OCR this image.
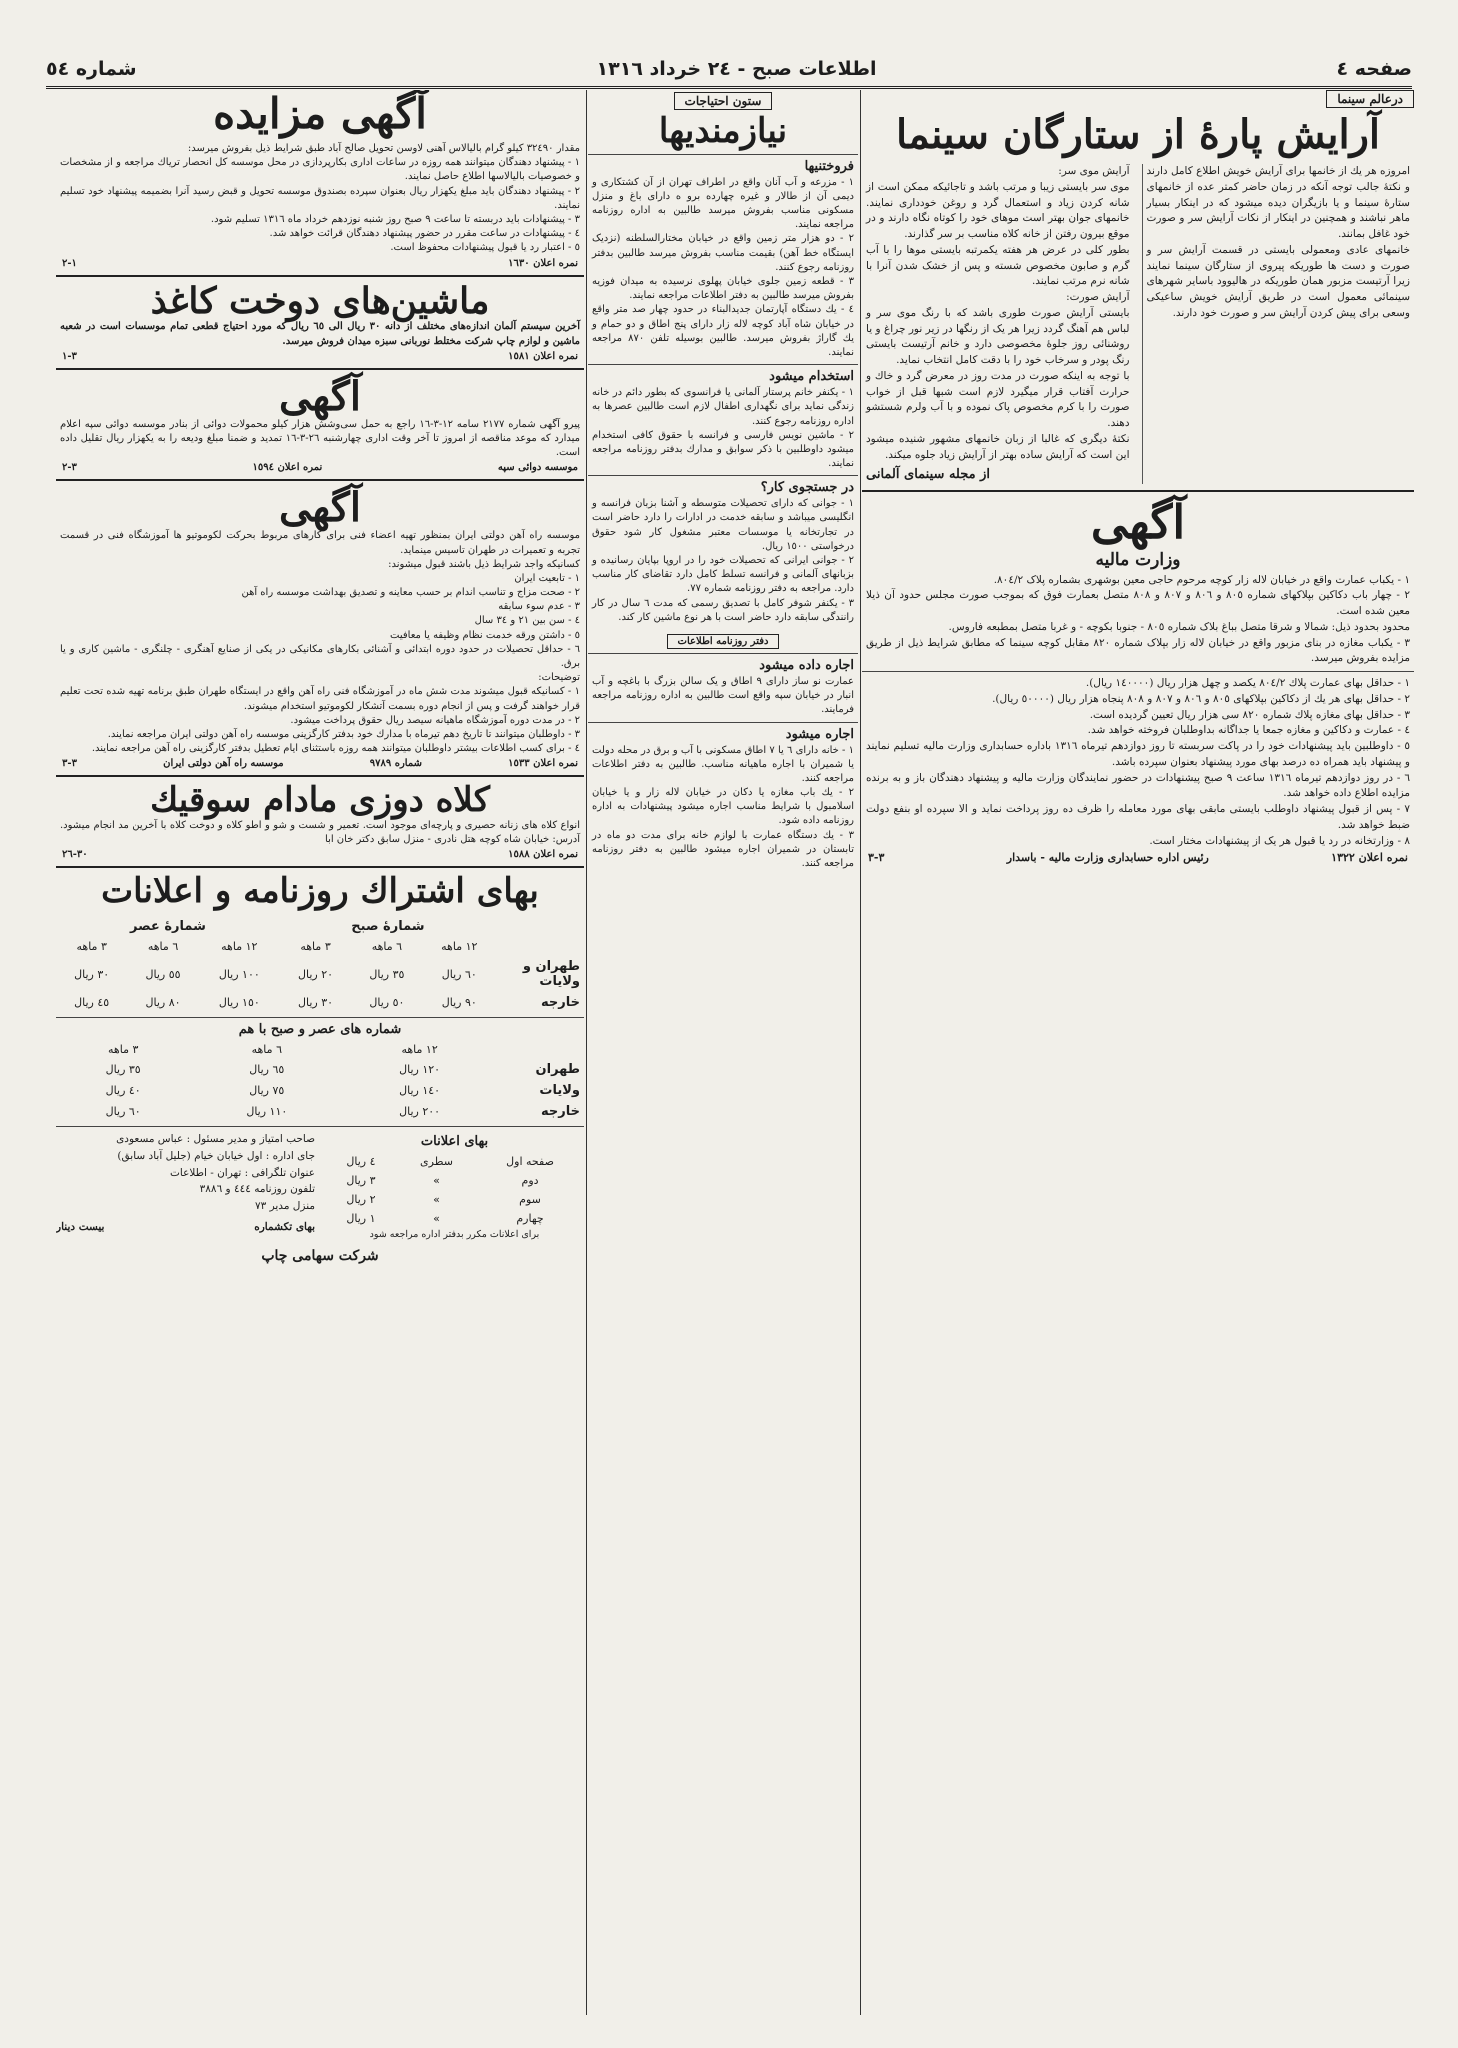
صفحه ٤
اطلاعات صبح - ٢٤ خرداد ١٣١٦
شماره ٥٤
درعالم سینما
آرایش پارهٔ از ستارگان سینما
امروزه هر یك از خانمها برای آرایش خویش اطلاع کامل دارند و نکتهٔ جالب توجه آنکه در زمان حاضر کمتر عده از خانمهای ستارهٔ سینما و یا بازیگران دیده میشود که در اینکار بسیار ماهر نباشند و همچنین در اینکار از نکات آرایش سر و صورت خود غافل بمانند.
خانمهای عادی ومعمولی بایستی در قسمت آرایش سر و صورت و دست ها طوریکه پیروی از ستارگان سینما نمایند زیرا آرتیست مزبور همان طوریکه در هالیوود باسایر شهرهای سینمائی معمول است در طریق آرایش خویش ساعیکی وسعی برای پیش کردن آرایش سر و صورت خود دارند.
آرایش موی سر:
موی سر بایستی زیبا و مرتب باشد و تاجائیکه ممکن است از شانه کردن زیاد و استعمال گرد و روغن خودداری نمایند. خانمهای جوان بهتر است موهای خود را کوتاه نگاه دارند و در موقع بیرون رفتن از خانه کلاه مناسب بر سر گذارند.
بطور کلی در عرض هر هفته یکمرتبه بایستی موها را با آب گرم و صابون مخصوص شسته و پس از خشک شدن آنرا با شانه نرم مرتب نمایند.
آرایش صورت:
بایستی آرایش صورت طوری باشد که با رنگ موی سر و لباس هم آهنگ گردد زیرا هر یک از رنگها در زیر نور چراغ و یا روشنائی روز جلوهٔ مخصوصی دارد و خانم آرتیست بایستی رنگ پودر و سرخاب خود را با دقت کامل انتخاب نماید.
با توجه به اینکه صورت در مدت روز در معرض گرد و خاك و حرارت آفتاب قرار میگیرد لازم است شبها قبل از خواب صورت را با کرم مخصوص پاک نموده و با آب ولرم شستشو دهند.
نکتهٔ دیگری که غالبا از زبان خانمهای مشهور شنیده میشود این است که آرایش ساده بهتر از آرایش زیاد جلوه میکند.
از مجله سینمای آلمانی
آگهی
وزارت مالیه
١ - یکباب عمارت واقع در خیابان لاله زار کوچه مرحوم حاجی معین بوشهری بشماره پلاک ٨٠٤/٢.
٢ - چهار باب دکاکین بپلاکهای شماره ٨٠٥ و ٨٠٦ و ٨٠٧ و ٨٠٨ متصل بعمارت فوق که بموجب صورت مجلس حدود آن ذیلا معین شده است.
محدود بحدود ذیل: شمالا و شرقا متصل بباغ بلاک شماره ٨٠٥ - جنوبا بکوچه - و غربا متصل بمطبعه فاروس.
٣ - یکباب مغازه در بنای مزبور واقع در خیابان لاله زار بپلاک شماره ٨٢٠ مقابل کوچه سینما که مطابق شرایط ذیل از طریق مزایده بفروش میرسد.
١ - حداقل بهای عمارت پلاك ٨٠٤/٢ یکصد و چهل هزار ریال (١٤٠٠٠٠ ریال).
٢ - حداقل بهای هر یك از دکاکین بپلاکهای ٨٠٥ و ٨٠٦ و ٨٠٧ و ٨٠٨ پنجاه هزار ریال (٥٠٠٠٠ ریال).
٣ - حداقل بهای مغازه پلاك شماره ٨٢٠ سی هزار ریال تعیین گردیده است.
٤ - عمارت و دکاکین و مغازه جمعا یا جداگانه بداوطلبان فروخته خواهد شد.
٥ - داوطلبین باید پیشنهادات خود را در پاکت سربسته تا روز دوازدهم تیرماه ١٣١٦ باداره حسابداری وزارت مالیه تسلیم نمایند و پیشنهاد باید همراه ده درصد بهای مورد پیشنهاد بعنوان سپرده باشد.
٦ - در روز دوازدهم تیرماه ١٣١٦ ساعت ٩ صبح پیشنهادات در حضور نمایندگان وزارت مالیه و پیشنهاد دهندگان باز و به برنده مزایده اطلاع داده خواهد شد.
٧ - پس از قبول پیشنهاد داوطلب بایستی مابقی بهای مورد معامله را ظرف ده روز پرداخت نماید و الا سپرده او بنفع دولت ضبط خواهد شد.
٨ - وزارتخانه در رد یا قبول هر یک از پیشنهادات مختار است.
نمره اعلان ١٣٢٢
رئیس اداره حسابداری وزارت مالیه - باسدار
٣-٣
ستون احتیاجات
نیازمندیها
فروختنیها
١ - مزرعه و آب آنان واقع در اطراف تهران از آن کشتکاری و دیمی آن از طالار و غیره چهارده برو ه دارای باغ و منزل مسکونی مناسب بفروش میرسد طالبین به اداره روزنامه مراجعه نمایند.
٢ - دو هزار متر زمین واقع در خیابان مختارالسلطنه (نزدیک ایستگاه خط آهن) بقیمت مناسب بفروش میرسد طالبین بدفتر روزنامه رجوع کنند.
٣ - قطعه زمین جلوی خیابان پهلوی نرسیده به میدان فوزیه بفروش میرسد طالبین به دفتر اطلاعات مراجعه نمایند.
٤ - یك دستگاه آپارتمان جدیدالبناء در حدود چهار صد متر واقع در خیابان شاه آباد کوچه لاله زار دارای پنج اطاق و دو حمام و یك گاراژ بفروش میرسد. طالبین بوسیله تلفن ٨٧٠ مراجعه نمایند.
استخدام میشود
١ - یکنفر خانم پرستار آلمانی یا فرانسوی که بطور دائم در خانه زندگی نماید برای نگهداری اطفال لازم است طالبین عصرها به اداره روزنامه رجوع کنند.
٢ - ماشین نویس فارسی و فرانسه با حقوق کافی استخدام میشود داوطلبین با ذکر سوابق و مدارك بدفتر روزنامه مراجعه نمایند.
در جستجوی کار؟
١ - جوانی که دارای تحصیلات متوسطه و آشنا بزبان فرانسه و انگلیسی میباشد و سابقه خدمت در ادارات را دارد حاضر است در تجارتخانه یا موسسات معتبر مشغول کار شود حقوق درخواستی ١٥٠٠ ریال.
٢ - جوانی ایرانی که تحصیلات خود را در اروپا بپایان رسانیده و بزبانهای آلمانی و فرانسه تسلط کامل دارد تقاضای کار مناسب دارد. مراجعه به دفتر روزنامه شماره ٧٧.
٣ - یکنفر شوفر کامل با تصدیق رسمی که مدت ٦ سال در کار رانندگی سابقه دارد حاضر است با هر نوع ماشین کار کند.
دفتر روزنامه اطلاعات
اجاره داده میشود
عمارت نو ساز دارای ٩ اطاق و یک سالن بزرگ با باغچه و آب انبار در خیابان سپه واقع است طالبین به اداره روزنامه مراجعه فرمایند.
اجاره میشود
١ - خانه دارای ٦ یا ٧ اطاق مسکونی با آب و برق در محله دولت یا شمیران با اجاره ماهیانه مناسب. طالبین به دفتر اطلاعات مراجعه کنند.
٢ - یك باب مغازه یا دکان در خیابان لاله زار و یا خیابان اسلامبول با شرایط مناسب اجاره میشود پیشنهادات به اداره روزنامه داده شود.
٣ - یك دستگاه عمارت با لوازم خانه برای مدت دو ماه در تابستان در شمیران اجاره میشود طالبین به دفتر روزنامه مراجعه کنند.
آگهی مزایده
مقدار ٣٢٤٩٠ کیلو گرام بالیالاس آهنی لاوسن تحویل صالح آباد طبق شرایط ذیل بفروش میرسد:
١ - پیشنهاد دهندگان میتوانند همه روزه در ساعات اداری بکارپردازی در محل موسسه کل انحصار تریاك مراجعه و از مشخصات و خصوصیات بالیالاسها اطلاع حاصل نمایند.
٢ - پیشنهاد دهندگان باید مبلغ یکهزار ریال بعنوان سپرده بصندوق موسسه تحویل و قبض رسید آنرا بضمیمه پیشنهاد خود تسلیم نمایند.
٣ - پیشنهادات باید دربسته تا ساعت ٩ صبح روز شنبه نوزدهم خرداد ماه ١٣١٦ تسلیم شود.
٤ - پیشنهادات در ساعت مقرر در حضور پیشنهاد دهندگان قرائت خواهد شد.
٥ - اعتبار رد یا قبول پیشنهادات محفوظ است.
نمره اعلان ١٦٣٠
١-٢
ماشین‌های دوخت کاغذ
آخرین سیستم آلمان اندازه‌های مختلف از دانه ٣٠ ریال الی ٦٥ ریال که مورد احتیاج قطعی تمام موسسات است در شعبه ماشین و لوازم چاپ شرکت مختلط نوربانی سبزه میدان فروش میرسد.
نمره اعلان ١٥٨١
٣-١
آگهی
پیرو آگهی شماره ٢١٧٧ سامه ١٢-٣-١٦ راجع به حمل سی‌وشش هزار کیلو محمولات دوائی از بنادر موسسه دوائی سپه اعلام میدارد که موعد مناقصه از امروز تا آخر وقت اداری چهارشنبه ٢٦-٣-١٦ تمدید و ضمنا مبلغ ودیعه را به یکهزار ریال تقلیل داده است.
موسسه دوائی سپه
نمره اعلان ١٥٩٤
٣-٢
آگهی
موسسه راه آهن دولتی ایران بمنظور تهیه اعضاء فنی برای کارهای مربوط بحرکت لکوموتیو ها آموزشگاه فنی در قسمت تجربه و تعمیرات در طهران تاسیس مینماید.
کسانیکه واجد شرایط ذیل باشند قبول میشوند:
١ - تابعیت ایران
٢ - صحت مزاج و تناسب اندام بر حسب معاینه و تصدیق بهداشت موسسه راه آهن
٣ - عدم سوء سابقه
٤ - سن بین ٢١ و ٣٤ سال
٥ - داشتن ورقه خدمت نظام وظیفه یا معافیت
٦ - حداقل تحصیلات در حدود دوره ابتدائی و آشنائی بکارهای مکانیکی در یکی از صنایع آهنگری - چلنگری - ماشین کاری و یا برق.
توضیحات:
١ - کسانیکه قبول میشوند مدت شش ماه در آموزشگاه فنی راه آهن واقع در ایستگاه طهران طبق برنامه تهیه شده تحت تعلیم قرار خواهند گرفت و پس از انجام دوره بسمت آتشکار لکوموتیو استخدام میشوند.
٢ - در مدت دوره آموزشگاه ماهیانه سیصد ریال حقوق پرداخت میشود.
٣ - داوطلبان میتوانند تا تاریخ دهم تیرماه با مدارك خود بدفتر کارگزینی موسسه راه آهن دولتی ایران مراجعه نمایند.
٤ - برای کسب اطلاعات بیشتر داوطلبان میتوانند همه روزه باستثنای ایام تعطیل بدفتر کارگزینی راه آهن مراجعه نمایند.
نمره اعلان ١٥٣٣
شماره ٩٧٨٩
موسسه راه آهن دولتی ایران
٣-٣
کلاه دوزی مادام سوقیك
انواع کلاه های زنانه حصیری و پارچه‌ای موجود است. تعمیر و شست و شو و اطو کلاه و دوخت کلاه با آخرین مد انجام میشود. آدرس: خیابان شاه کوچه هتل نادری - منزل سابق دکتر خان ابا
نمره اعلان ١٥٨٨
٣٠-٢٦
بهای اشتراك روزنامه و اعلانات
	شمارهٔ صبح			شمارهٔ عصر		
	١٢ ماهه	٦ ماهه	٣ ماهه	١٢ ماهه	٦ ماهه	٣ ماهه
طهران و ولایات	٦٠ ریال	٣٥ ریال	٢٠ ریال	١٠٠ ریال	٥٥ ریال	٣٠ ریال
خارجه	٩٠ ریال	٥٠ ریال	٣٠ ریال	١٥٠ ریال	٨٠ ریال	٤٥ ریال
شماره های عصر و صبح با هم
	١٢ ماهه	٦ ماهه	٣ ماهه
طهران	١٢٠ ریال	٦٥ ریال	٣٥ ریال
ولایات	١٤٠ ریال	٧٥ ریال	٤٠ ریال
خارجه	٢٠٠ ریال	١١٠ ریال	٦٠ ریال
بهای اعلانات
صفحه اول	سطری	٤ ریال
دوم	»	٣ ریال
سوم	»	٢ ریال
چهارم	»	١ ریال
برای اعلانات مکرر بدفتر اداره مراجعه شود
صاحب امتیاز و مدیر مسئول : عباس مسعودی
جای اداره : اول خیابان خیام (جلیل آباد سابق)
عنوان تلگرافی : تهران - اطلاعات
تلفون روزنامه ٤٤٤ و ٣٨٨٦
منزل مدیر ٧٣
بهای تکشماره
بیست دینار
شرکت سهامی چاپ
